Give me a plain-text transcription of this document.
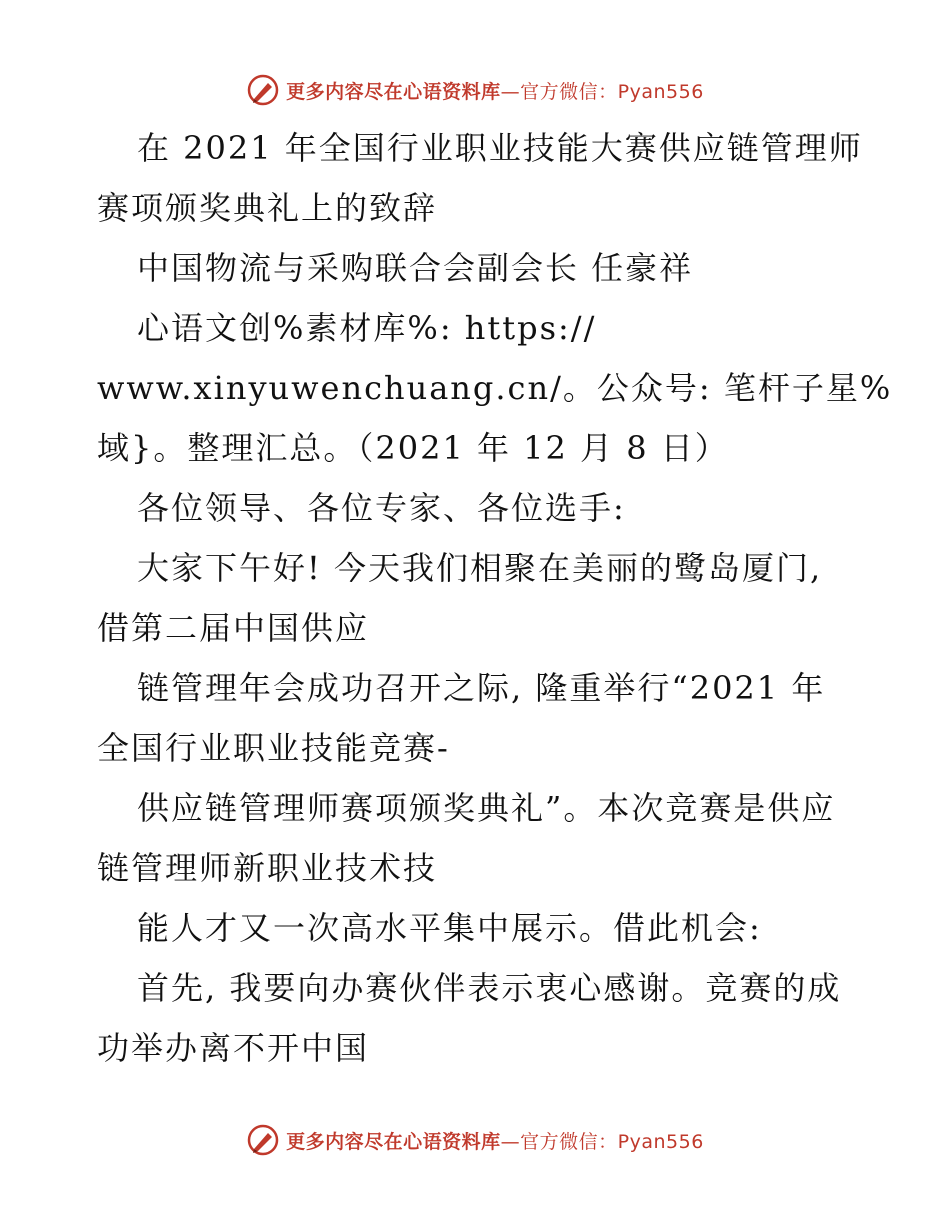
更多内容尽在心语资料库—官方微信：Pyan556
在 2021 年全国行业职业技能大赛供应链管理师
赛项颁奖典礼上的致辞
中国物流与采购联合会副会长 任豪祥
心语文创%素材库%: https://
www.xinyuwenchuang.cn/。公众号: 笔杆子星%
域}。整理汇总。（2021 年 12 月 8 日）
各位领导、各位专家、各位选手:
大家下午好! 今天我们相聚在美丽的鹭岛厦门,
借第二届中国供应
链管理年会成功召开之际, 隆重举行“2021 年
全国行业职业技能竞赛-
供应链管理师赛项颁奖典礼”。本次竞赛是供应
链管理师新职业技术技
能人才又一次高水平集中展示。借此机会:
首先, 我要向办赛伙伴表示衷心感谢。竞赛的成
功举办离不开中国
更多内容尽在心语资料库—官方微信：Pyan556
